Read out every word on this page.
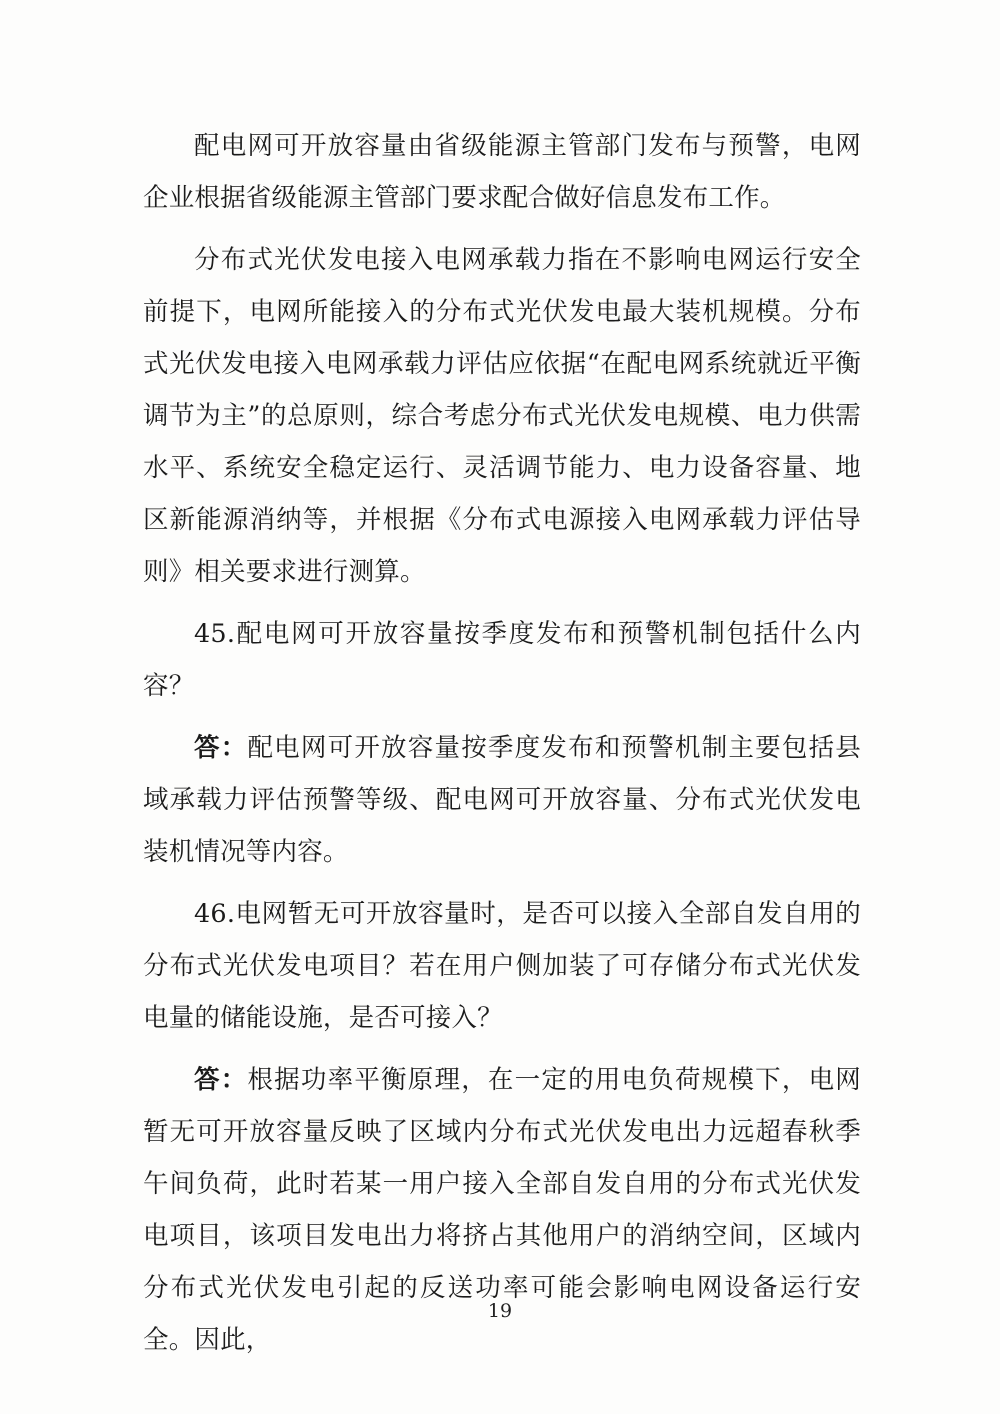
配电网可开放容量由省级能源主管部门发布与预警，电网企业根据省级能源主管部门要求配合做好信息发布工作。

分布式光伏发电接入电网承载力指在不影响电网运行安全前提下，电网所能接入的分布式光伏发电最大装机规模。分布式光伏发电接入电网承载力评估应依据“在配电网系统就近平衡调节为主”的总原则，综合考虑分布式光伏发电规模、电力供需水平、系统安全稳定运行、灵活调节能力、电力设备容量、地区新能源消纳等，并根据《分布式电源接入电网承载力评估导则》相关要求进行测算。

45.配电网可开放容量按季度发布和预警机制包括什么内容？

答：配电网可开放容量按季度发布和预警机制主要包括县域承载力评估预警等级、配电网可开放容量、分布式光伏发电装机情况等内容。

46.电网暂无可开放容量时，是否可以接入全部自发自用的分布式光伏发电项目？若在用户侧加装了可存储分布式光伏发电量的储能设施，是否可接入？

答：根据功率平衡原理，在一定的用电负荷规模下，电网暂无可开放容量反映了区域内分布式光伏发电出力远超春秋季午间负荷，此时若某一用户接入全部自发自用的分布式光伏发电项目，该项目发电出力将挤占其他用户的消纳空间，区域内分布式光伏发电引起的反送功率可能会影响电网设备运行安全。因此，

19
